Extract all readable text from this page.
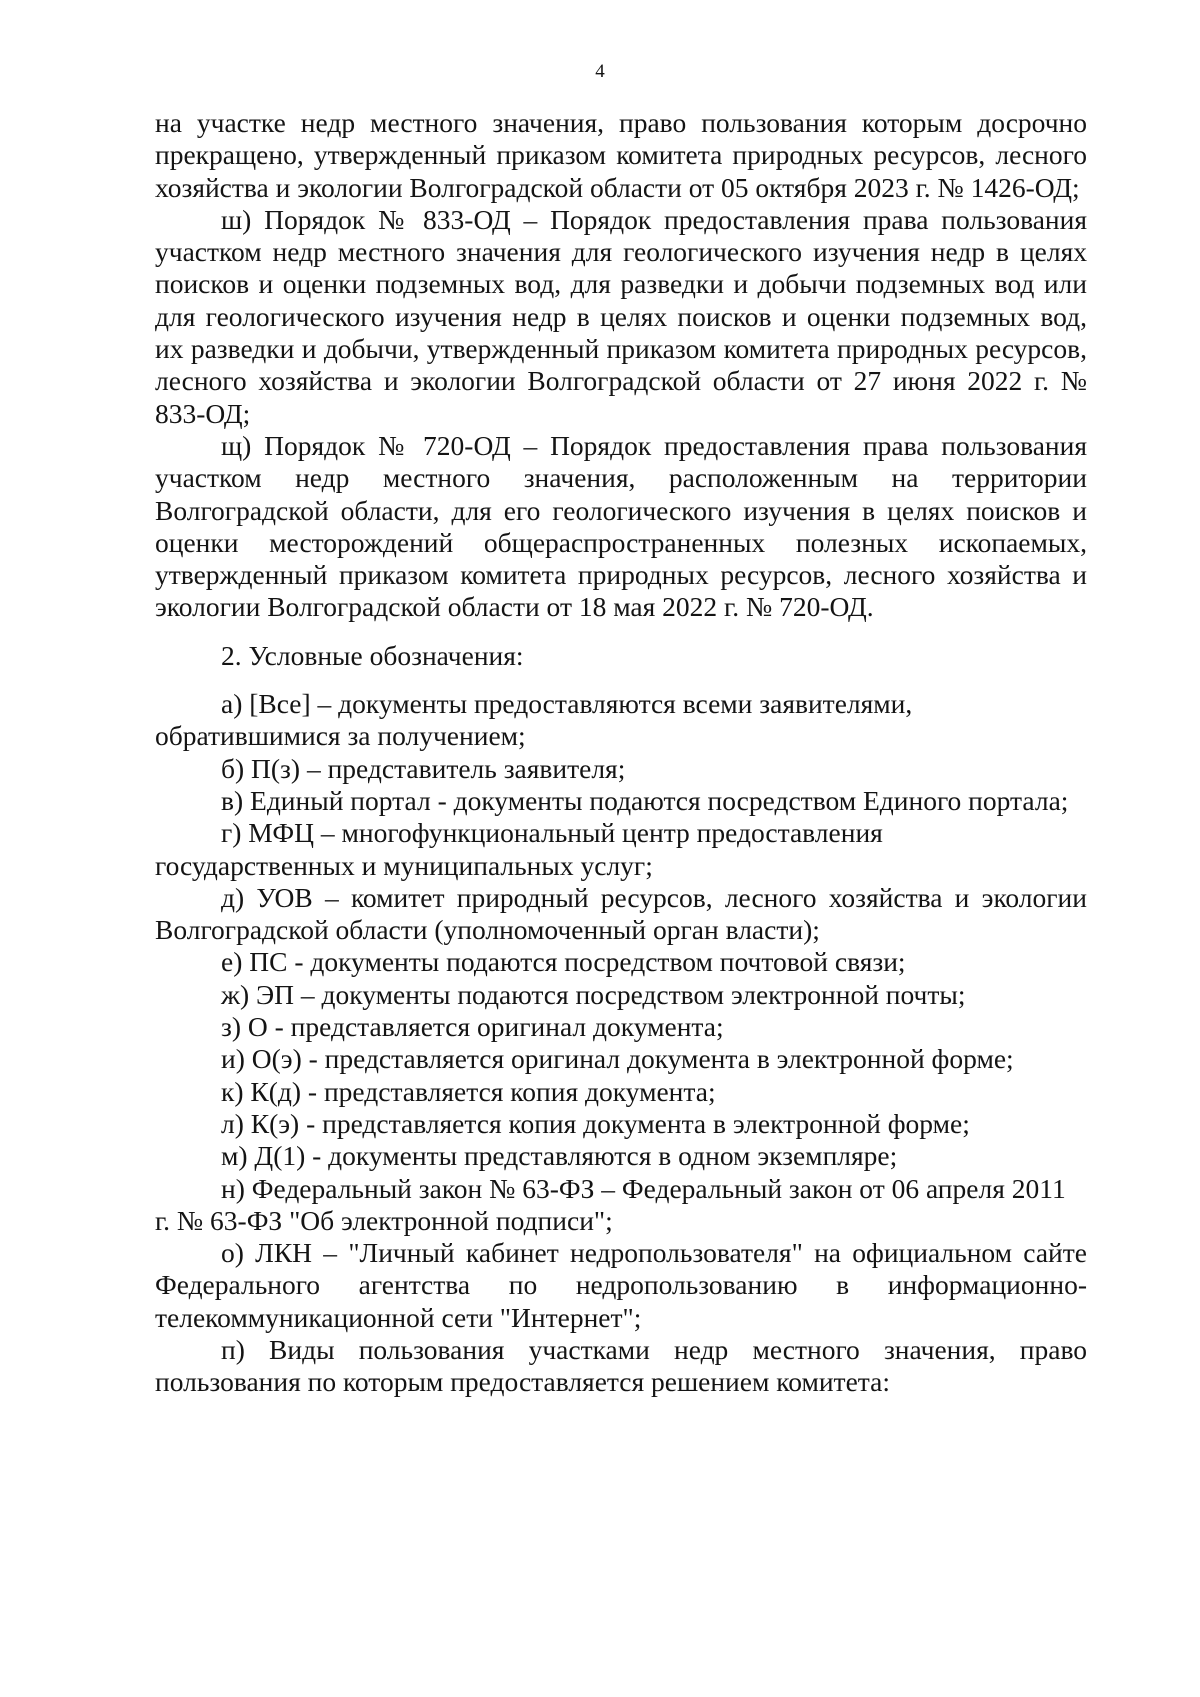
4

на участке недр местного значения, право пользования которым досрочно прекращено, утвержденный приказом комитета природных ресурсов, лесного хозяйства и экологии Волгоградской области от 05 октября 2023 г. № 1426-ОД;

ш) Порядок № 833-ОД – Порядок предоставления права пользования участком недр местного значения для геологического изучения недр в целях поисков и оценки подземных вод, для разведки и добычи подземных вод или для геологического изучения недр в целях поисков и оценки подземных вод, их разведки и добычи, утвержденный приказом комитета природных ресурсов, лесного хозяйства и экологии Волгоградской области от 27 июня 2022 г. № 833-ОД;

щ) Порядок № 720-ОД – Порядок предоставления права пользования участком недр местного значения, расположенным на территории Волгоградской области, для его геологического изучения в целях поисков и оценки месторождений общераспространенных полезных ископаемых, утвержденный приказом комитета природных ресурсов, лесного хозяйства и экологии Волгоградской области от 18 мая 2022 г. № 720-ОД.

2. Условные обозначения:

а) [Все] – документы предоставляются всеми заявителями, обратившимися за получением;

б) П(з) – представитель заявителя;

в) Единый портал - документы подаются посредством Единого портала;

г) МФЦ – многофункциональный центр предоставления государственных и муниципальных услуг;

д) УОВ – комитет природный ресурсов, лесного хозяйства и экологии Волгоградской области (уполномоченный орган власти);

е) ПС - документы подаются посредством почтовой связи;

ж) ЭП – документы подаются посредством электронной почты;

з) О - представляется оригинал документа;

и) О(э) - представляется оригинал документа в электронной форме;

к) К(д) - представляется копия документа;

л) К(э) - представляется копия документа в электронной форме;

м) Д(1) - документы представляются в одном экземпляре;

н) Федеральный закон № 63-ФЗ – Федеральный закон от 06 апреля 2011 г. № 63-ФЗ "Об электронной подписи";

о) ЛКН – "Личный кабинет недропользователя" на официальном сайте Федерального агентства по недропользованию в информационно-телекоммуникационной сети "Интернет";

п) Виды пользования участками недр местного значения, право пользования по которым предоставляется решением комитета:
